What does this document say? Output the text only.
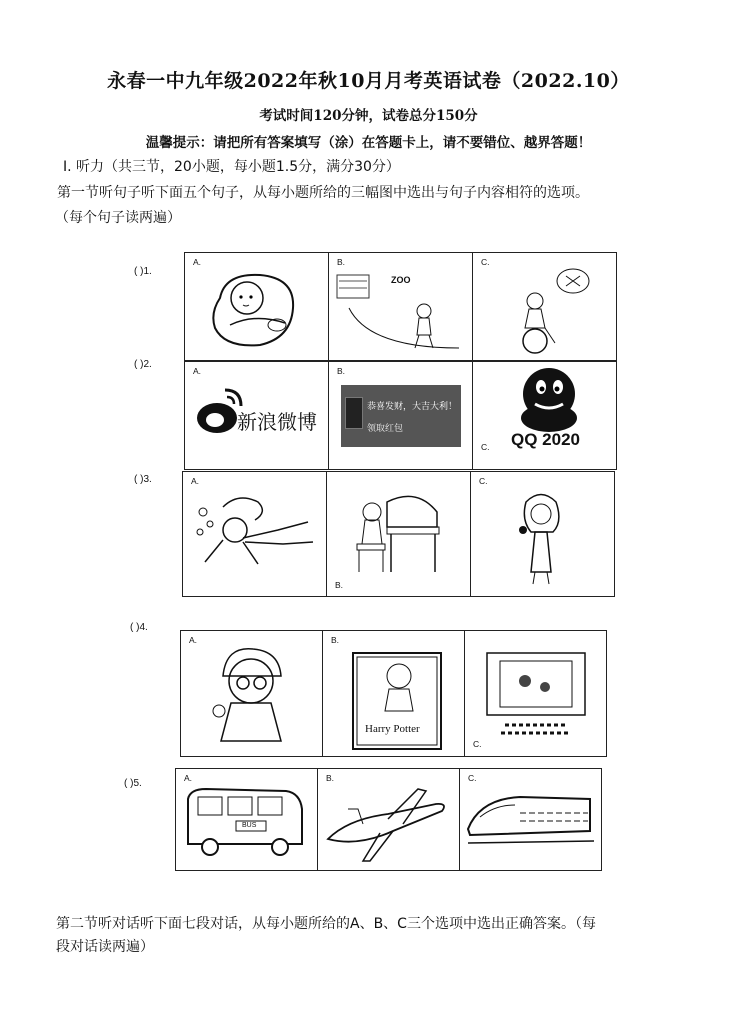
永春一中九年级2022年秋10月月考英语试卷（2022.10）
考试时间120分钟，试卷总分150分
温馨提示：请把所有答案填写（涂）在答题卡上，请不要错位、越界答题！
Ⅰ. 听力（共三节，20小题，每小题1.5分，满分30分）
第一节听句子听下面五个句子，从每小题所给的三幅图中选出与句子内容相符的选项。
（每个句子读两遍）
( )1.
A.	B.
ZOO

C.
( )2.
A.
新浪微博

B.
恭喜发财，大吉大利！
领取红包

C. QQ 2020
( )3.	A.

B.

C.
( )4.
A.	B.
Harry Potter

C.
( )5.	A.
BUS

B.	C.
第二节听对话听下面七段对话，从每小题所给的A、B、C三个选项中选出正确答案。（每
段对话读两遍）
